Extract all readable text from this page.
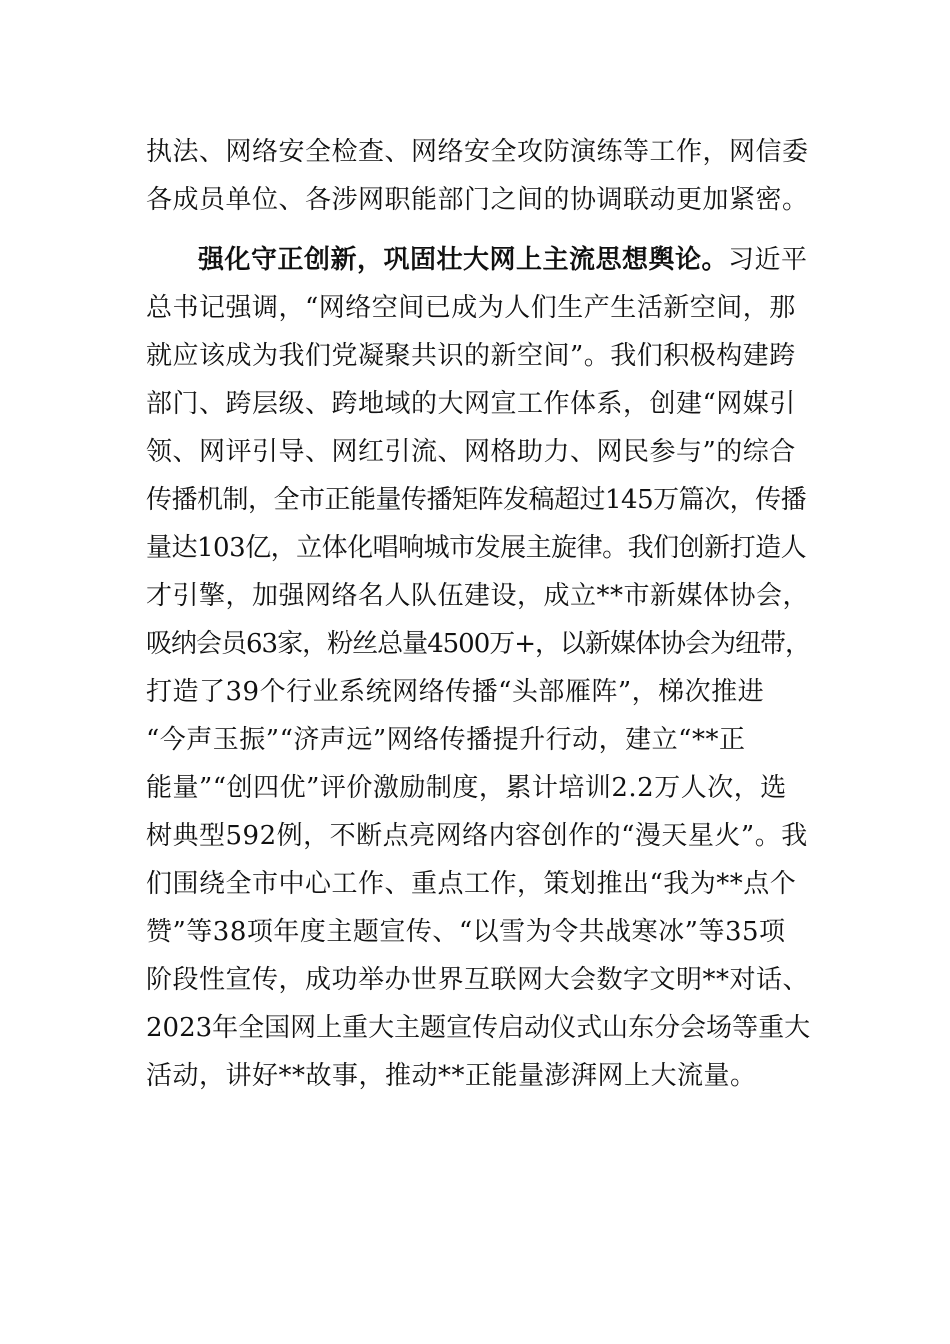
执法、网络安全检查、网络安全攻防演练等工作，网信委
各成员单位、各涉网职能部门之间的协调联动更加紧密。
强化守正创新，巩固壮大网上主流思想舆论。习近平
总书记强调，“网络空间已成为人们生产生活新空间，那
就应该成为我们党凝聚共识的新空间”。我们积极构建跨
部门、跨层级、跨地域的大网宣工作体系，创建“网媒引
领、网评引导、网红引流、网格助力、网民参与”的综合
传播机制，全市正能量传播矩阵发稿超过145万篇次，传播
量达103亿，立体化唱响城市发展主旋律。我们创新打造人
才引擎，加强网络名人队伍建设，成立**市新媒体协会，
吸纳会员63家，粉丝总量4500万+，以新媒体协会为纽带，
打造了39个行业系统网络传播“头部雁阵”，梯次推进
“今声玉振”“济声远”网络传播提升行动，建立“**正
能量”“创四优”评价激励制度，累计培训2.2万人次，选
树典型592例，不断点亮网络内容创作的“漫天星火”。我
们围绕全市中心工作、重点工作，策划推出“我为**点个
赞”等38项年度主题宣传、“以雪为令共战寒冰”等35项
阶段性宣传，成功举办世界互联网大会数字文明**对话、
2023年全国网上重大主题宣传启动仪式山东分会场等重大
活动，讲好**故事，推动**正能量澎湃网上大流量。
